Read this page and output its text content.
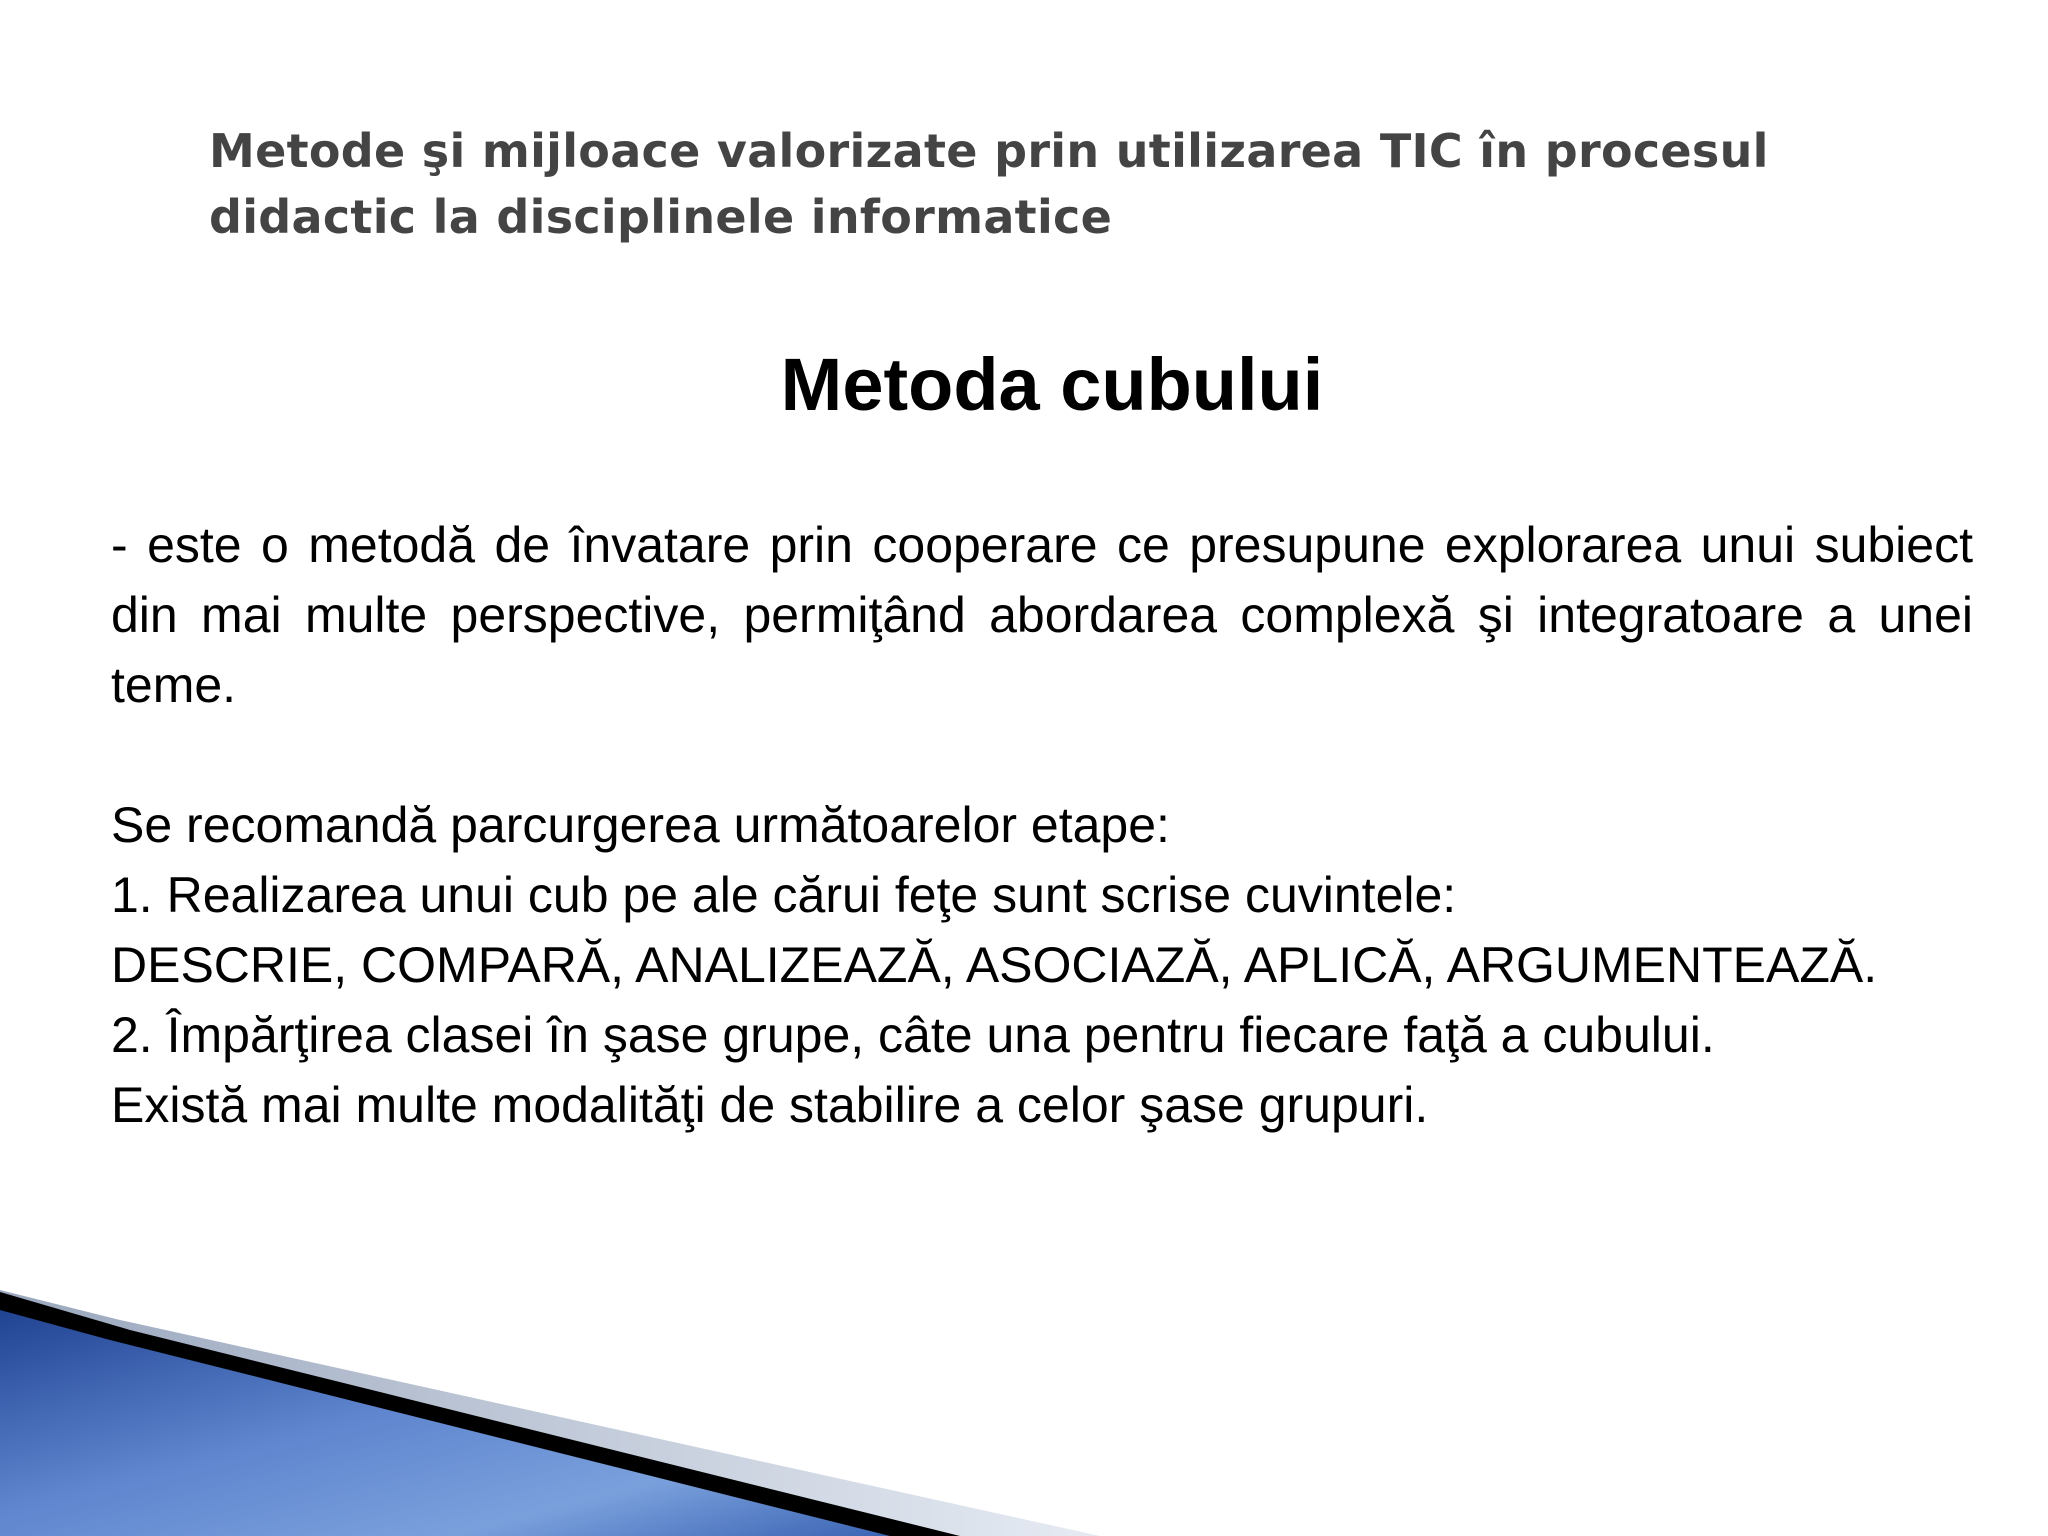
Metode şi mijloace valorizate prin utilizarea TIC în procesul didactic la disciplinele informatice
Metoda cubului

- este o metodă de învatare prin cooperare ce presupune explorarea unui subiect din mai multe perspective, permiţând abordarea complexă şi integratoare a unei teme.

Se recomandă parcurgerea următoarelor etape:

1. Realizarea unui cub pe ale cărui feţe sunt scrise cuvintele:

DESCRIE, COMPARĂ, ANALIZEAZĂ, ASOCIAZĂ, APLICĂ, ARGUMENTEAZĂ.

2. Împărţirea clasei în şase grupe, câte una pentru fiecare faţă a cubului.

Există mai multe modalităţi de stabilire a celor şase grupuri.
